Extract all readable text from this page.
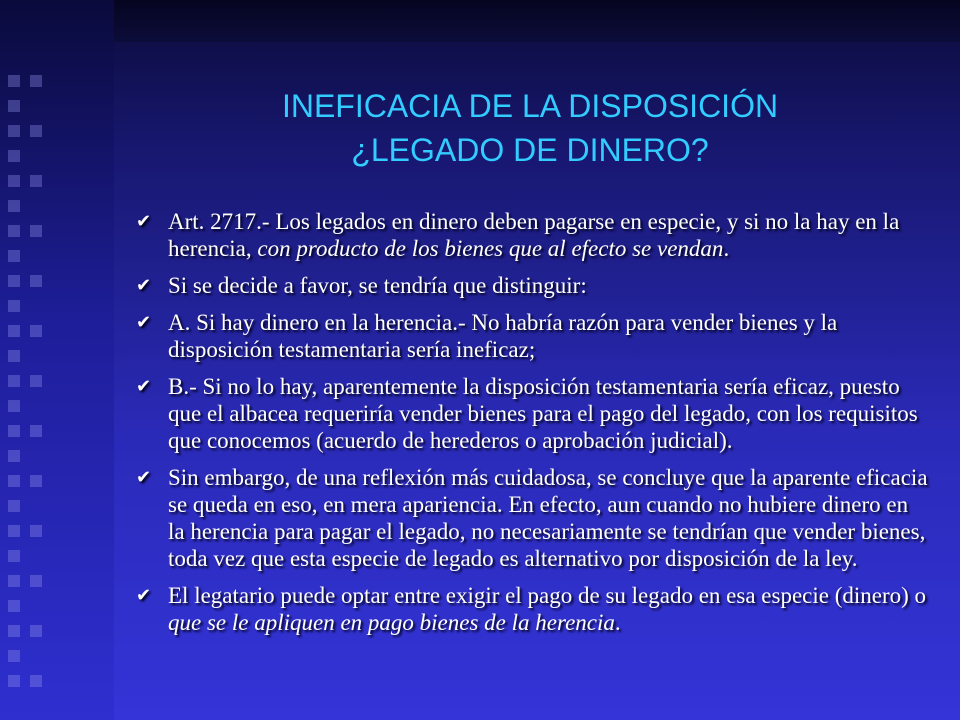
INEFICACIA DE LA DISPOSICIÓN
¿LEGADO DE DINERO?
✔ Art. 2717.- Los legados en dinero deben pagarse en especie, y si no la hay en la herencia, con producto de los bienes que al efecto se vendan.
✔ Si se decide a favor, se tendría que distinguir:
✔ A. Si hay dinero en la herencia.- No habría razón para vender bienes y la disposición testamentaria sería ineficaz;
✔ B.- Si no lo hay, aparentemente la disposición testamentaria sería eficaz, puesto que el albacea requeriría vender bienes para el pago del legado, con los requisitos que conocemos (acuerdo de herederos o aprobación judicial).
✔ Sin embargo, de una reflexión más cuidadosa, se concluye que la aparente eficacia se queda en eso, en mera apariencia. En efecto, aun cuando no hubiere dinero en la herencia para pagar el legado, no necesariamente se tendrían que vender bienes, toda vez que esta especie de legado es alternativo por disposición de la ley.
✔ El legatario puede optar entre exigir el pago de su legado en esa especie (dinero) o que se le apliquen en pago bienes de la herencia.
